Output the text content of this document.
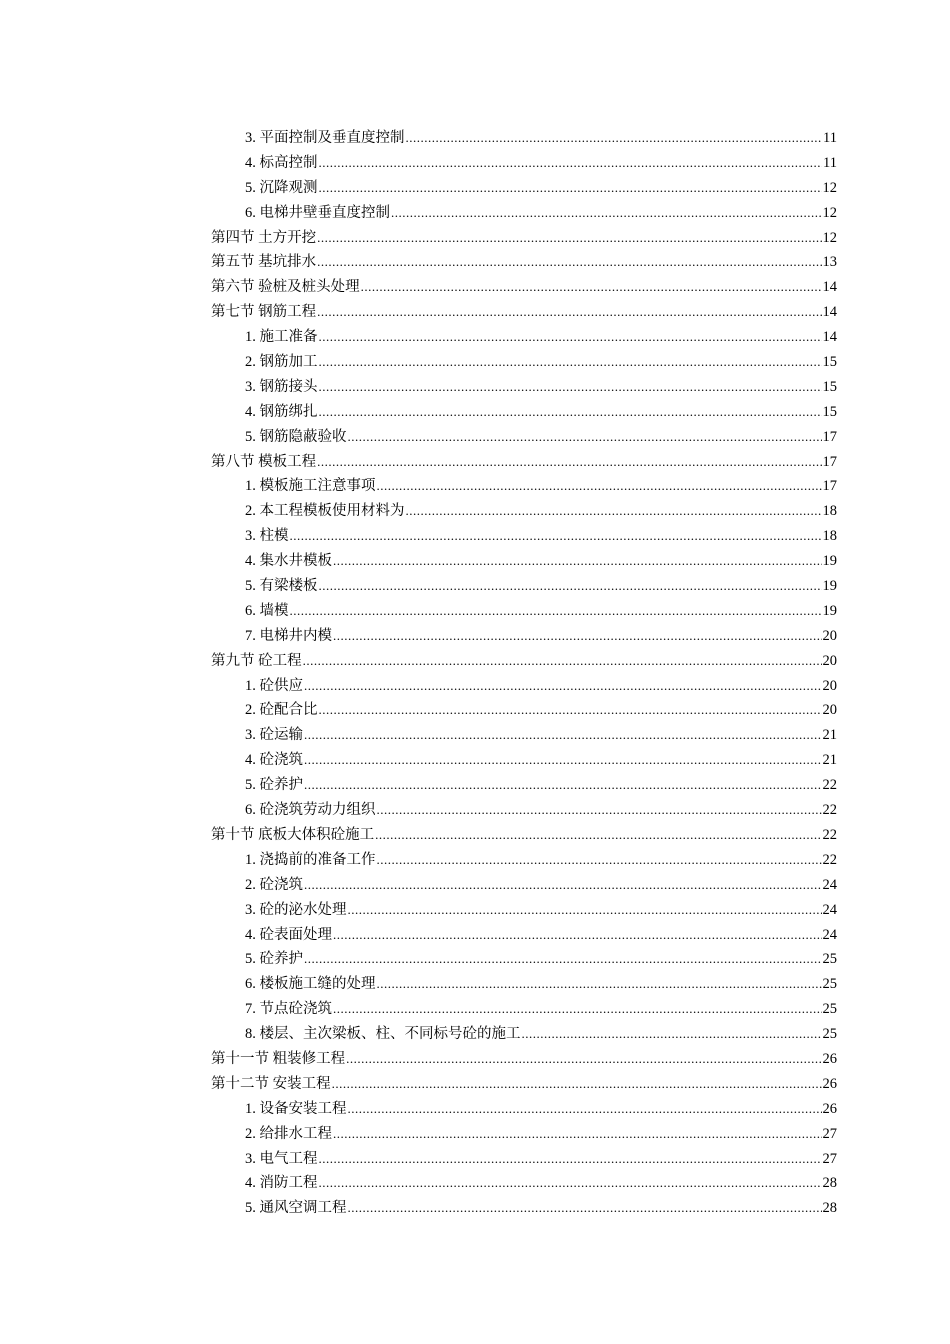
3. 平面控制及垂直度控制 .....	11
4. 标高控制 .....	11
5. 沉降观测 .....	12
6. 电梯井壁垂直度控制 .....	12
第四节 土方开挖 .....	12
第五节 基坑排水 .....	13
第六节 验桩及桩头处理 .....	14
第七节 钢筋工程 .....	14
1. 施工准备 .....	14
2. 钢筋加工 .....	15
3. 钢筋接头 .....	15
4. 钢筋绑扎 .....	15
5. 钢筋隐蔽验收 .....	17
第八节 模板工程 .....	17
1. 模板施工注意事项 .....	17
2. 本工程模板使用材料为 .....	18
3. 柱模 .....	18
4. 集水井模板 .....	19
5. 有梁楼板 .....	19
6. 墙模 .....	19
7. 电梯井内模 .....	20
第九节 砼工程 .....	20
1. 砼供应 .....	20
2. 砼配合比 .....	20
3. 砼运输 .....	21
4. 砼浇筑 .....	21
5. 砼养护 .....	22
6. 砼浇筑劳动力组织 .....	22
第十节 底板大体积砼施工 .....	22
1. 浇捣前的准备工作 .....	22
2. 砼浇筑 .....	24
3. 砼的泌水处理 .....	24
4. 砼表面处理 .....	24
5. 砼养护 .....	25
6. 楼板施工缝的处理 .....	25
7. 节点砼浇筑 .....	25
8. 楼层、主次梁板、柱、不同标号砼的施工 .....	25
第十一节 粗装修工程 .....	26
第十二节 安装工程 .....	26
1. 设备安装工程 .....	26
2. 给排水工程 .....	27
3. 电气工程 .....	27
4. 消防工程 .....	28
5. 通风空调工程 .....	28
